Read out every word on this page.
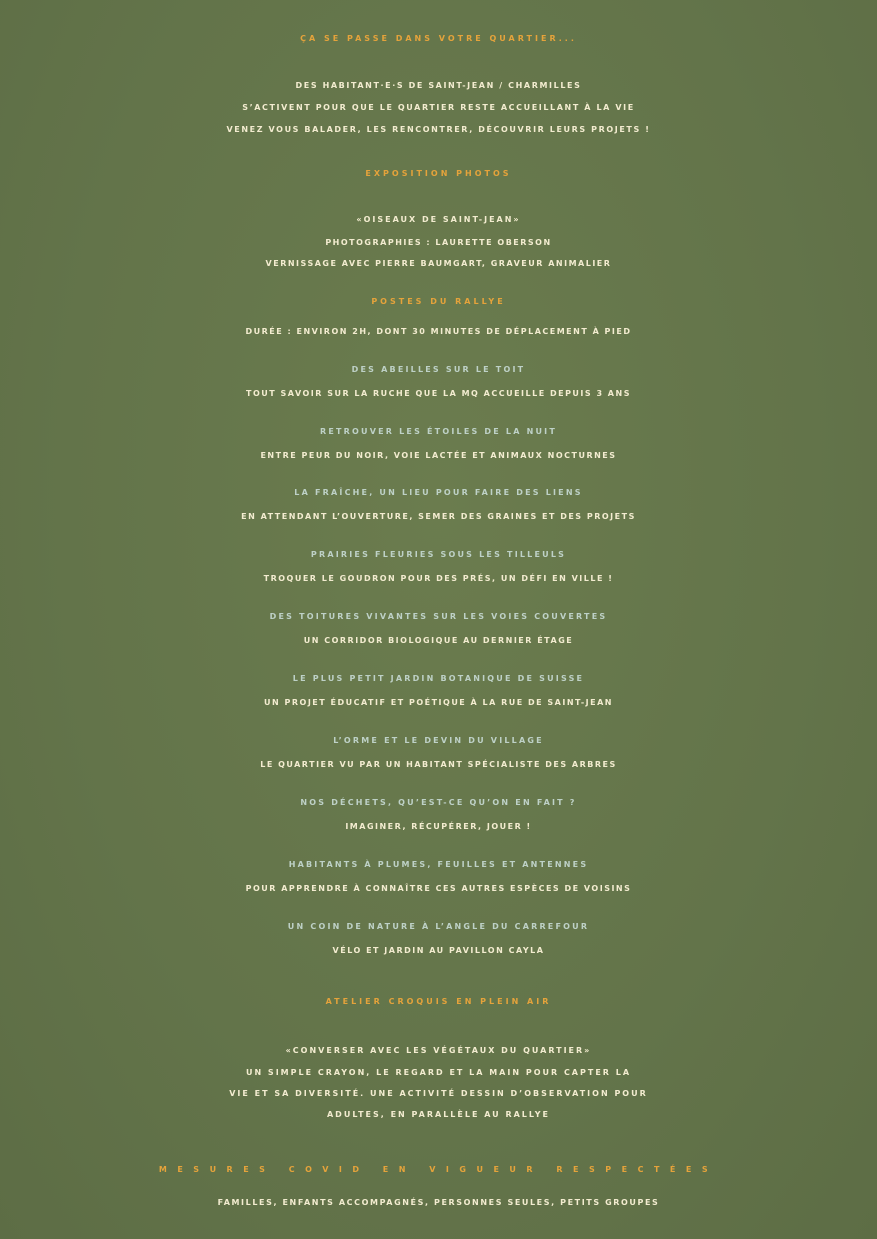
ÇA SE PASSE DANS VOTRE QUARTIER...

DES HABITANT·E·S DE SAINT-JEAN / CHARMILLES

S’ACTIVENT POUR QUE LE QUARTIER RESTE ACCUEILLANT À LA VIE

VENEZ VOUS BALADER, LES RENCONTRER, DÉCOUVRIR LEURS PROJETS !

EXPOSITION PHOTOS

«OISEAUX DE SAINT-JEAN»

PHOTOGRAPHIES : LAURETTE OBERSON

VERNISSAGE AVEC PIERRE BAUMGART, GRAVEUR ANIMALIER

POSTES DU RALLYE

DURÉE : ENVIRON 2H, DONT 30 MINUTES DE DÉPLACEMENT À PIED

DES ABEILLES SUR LE TOIT

TOUT SAVOIR SUR LA RUCHE QUE LA MQ ACCUEILLE DEPUIS 3 ANS

RETROUVER LES ÉTOILES DE LA NUIT

ENTRE PEUR DU NOIR, VOIE LACTÉE ET ANIMAUX NOCTURNES

LA FRAÎCHE, UN LIEU POUR FAIRE DES LIENS

EN ATTENDANT L’OUVERTURE, SEMER DES GRAINES ET DES PROJETS

PRAIRIES FLEURIES SOUS LES TILLEULS

TROQUER LE GOUDRON POUR DES PRÉS, UN DÉFI EN VILLE !

DES TOITURES VIVANTES SUR LES VOIES COUVERTES

UN CORRIDOR BIOLOGIQUE AU DERNIER ÉTAGE

LE PLUS PETIT JARDIN BOTANIQUE DE SUISSE

UN PROJET ÉDUCATIF ET POÉTIQUE À LA RUE DE SAINT-JEAN

L’ORME ET LE DEVIN DU VILLAGE

LE QUARTIER VU PAR UN HABITANT SPÉCIALISTE DES ARBRES

NOS DÉCHETS, QU’EST-CE QU’ON EN FAIT ?

IMAGINER, RÉCUPÉRER, JOUER !

HABITANTS À PLUMES, FEUILLES ET ANTENNES

POUR APPRENDRE À CONNAÎTRE CES AUTRES ESPÈCES DE VOISINS

UN COIN DE NATURE À L’ANGLE DU CARREFOUR

VÉLO ET JARDIN AU PAVILLON CAYLA

ATELIER CROQUIS EN PLEIN AIR

«CONVERSER AVEC LES VÉGÉTAUX DU QUARTIER»

UN SIMPLE CRAYON, LE REGARD ET LA MAIN POUR CAPTER LA

VIE ET SA DIVERSITÉ. UNE ACTIVITÉ DESSIN D’OBSERVATION POUR

ADULTES, EN PARALLÈLE AU RALLYE

MESURES COVID EN VIGUEUR RESPECTÉES

FAMILLES, ENFANTS ACCOMPAGNÉS, PERSONNES SEULES, PETITS GROUPES
